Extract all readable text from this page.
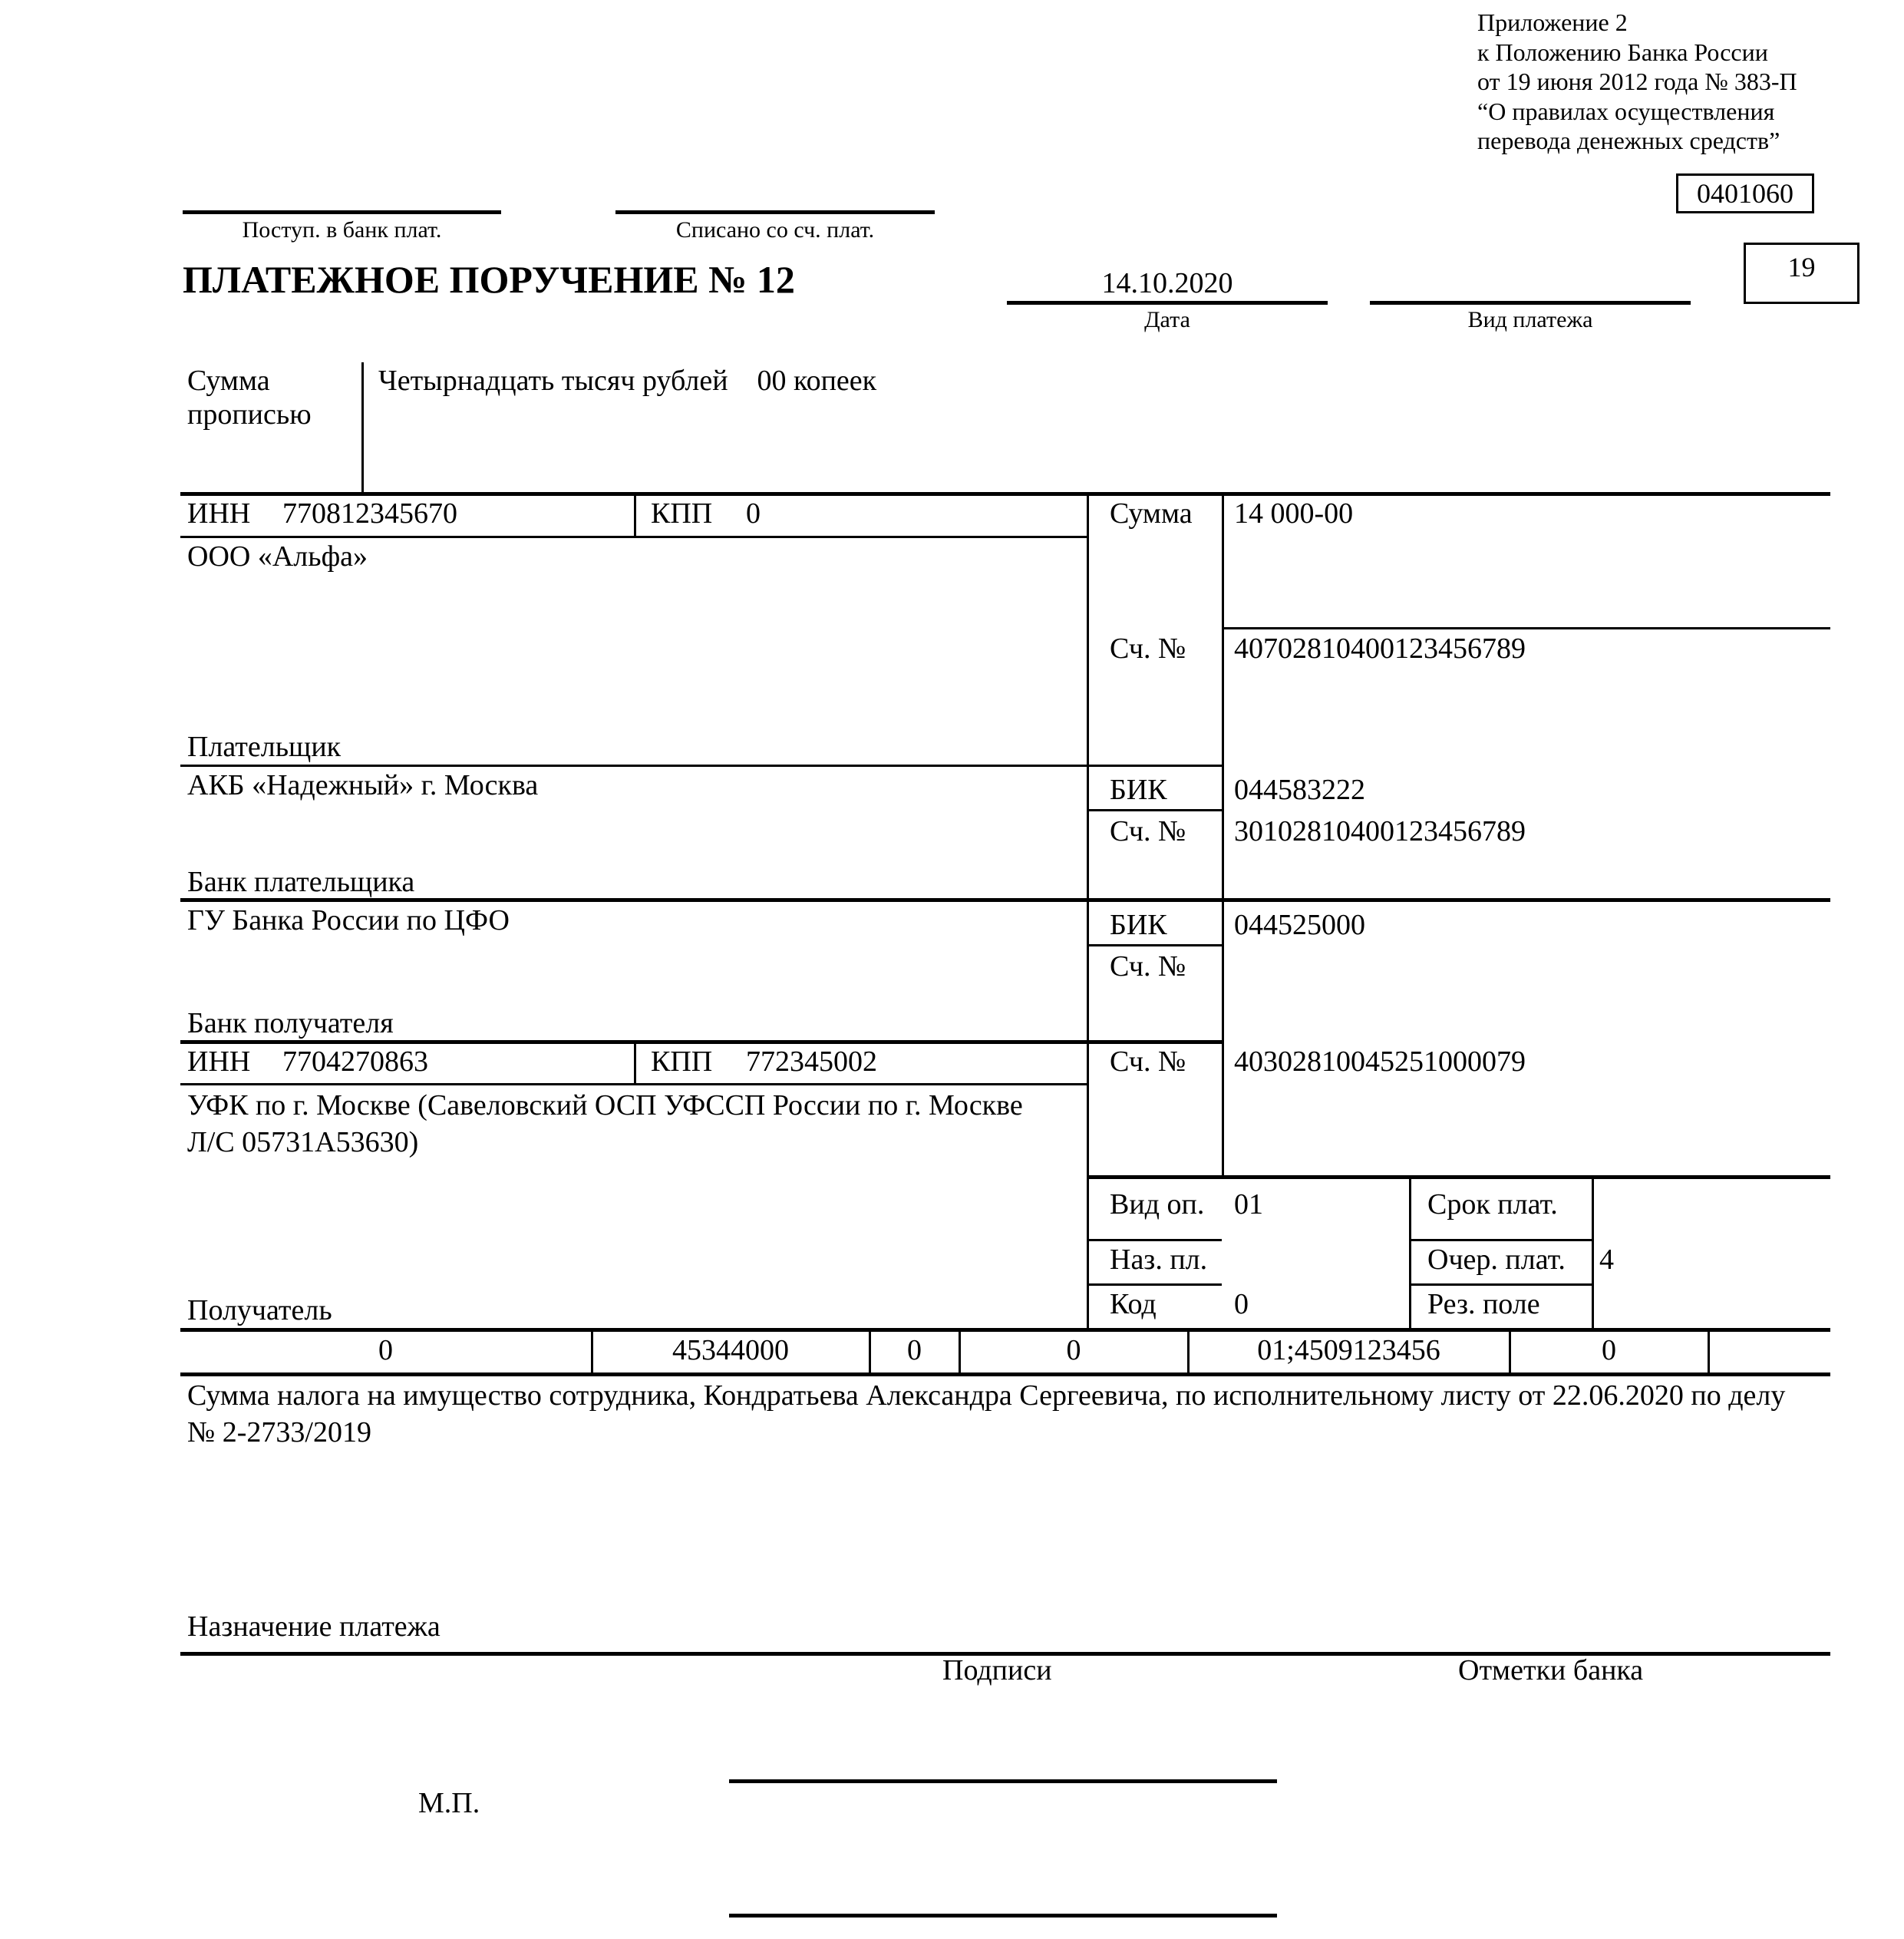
Приложение 2
к Положению Банка России
от 19 июня 2012 года № 383-П
“О правилах осуществления
перевода денежных средств”
0401060
19
Поступ. в банк плат.	Списано со сч. плат.
ПЛАТЕЖНОЕ ПОРУЧЕНИЕ № 12	14.10.2020
Дата	Вид платежа
Сумма
прописью
Четырнадцать тысяч рублей    00 копеек
ИНН 770812345670	КПП 0
ООО «Альфа»
Плательщик
Сумма 14 000-00
Сч. № 40702810400123456789
АКБ «Надежный» г. Москва
Банк плательщика
БИК 044583222
Сч. № 30102810400123456789
ГУ Банка России по ЦФО
Банк получателя
БИК 044525000
Сч. №
ИНН 7704270863	КПП 772345002
УФК по г. Москве (Савеловский ОСП УФССП России по г. Москве Л/С 05731А53630)
Получатель
Сч. № 40302810045251000079
Вид оп. 01
Наз. пл.
Код	0
Срок плат.
Очер. плат. 4
Рез. поле
0	45344000	0	0	01;4509123456	0
Сумма налога на имущество сотрудника, Кондратьева Александра Сергеевича, по исполнительному листу от 22.06.2020 по делу № 2-2733/2019
Назначение платежа
Подписи	Отметки банка
М.П.
